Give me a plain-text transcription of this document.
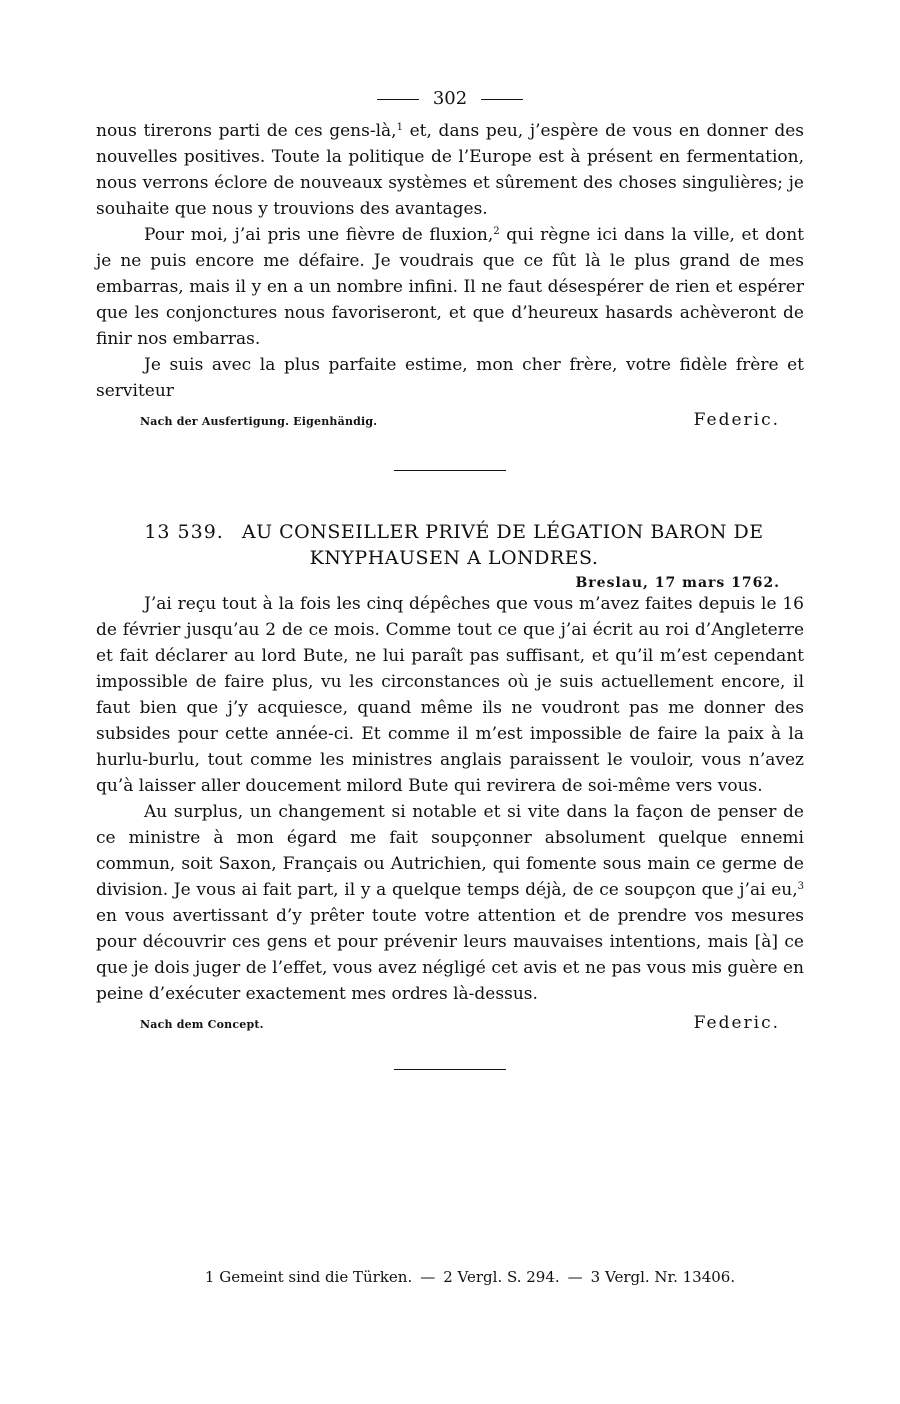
302

nous tirerons parti de ces gens-là,$^1$ et, dans peu, j’espère de vous en donner des nouvelles positives. Toute la politique de l’Europe est à présent en fermentation, nous verrons éclore de nouveaux systèmes et sûrement des choses singulières; je souhaite que nous y trouvions des avantages.

Pour moi, j’ai pris une fièvre de fluxion,$^2$ qui règne ici dans la ville, et dont je ne puis encore me défaire. Je voudrais que ce fût là le plus grand de mes embarras, mais il y en a un nombre infini. Il ne faut désespérer de rien et espérer que les conjonctures nous favoriseront, et que d’heureux hasards achèveront de finir nos embarras.

Je suis avec la plus parfaite estime, mon cher frère, votre fidèle frère et serviteur

Nach der Ausfertigung. Eigenhändig.	Federic.
13 539. AU CONSEILLER PRIVÉ DE LÉGATION BARON DE KNYPHAUSEN A LONDRES.
Breslau, 17 mars 1762.

J’ai reçu tout à la fois les cinq dépêches que vous m’avez faites depuis le 16 de février jusqu’au 2 de ce mois. Comme tout ce que j’ai écrit au roi d’Angleterre et fait déclarer au lord Bute, ne lui paraît pas suffisant, et qu’il m’est cependant impossible de faire plus, vu les circonstances où je suis actuellement encore, il faut bien que j’y acquiesce, quand même ils ne voudront pas me donner des subsides pour cette année-ci. Et comme il m’est impossible de faire la paix à la hurlu-burlu, tout comme les ministres anglais paraissent le vouloir, vous n’avez qu’à laisser aller doucement milord Bute qui revirera de soi-même vers vous.

Au surplus, un changement si notable et si vite dans la façon de penser de ce ministre à mon égard me fait soupçonner absolument quelque ennemi commun, soit Saxon, Français ou Autrichien, qui fomente sous main ce germe de division. Je vous ai fait part, il y a quelque temps déjà, de ce soupçon que j’ai eu,$^3$ en vous avertissant d’y prêter toute votre attention et de prendre vos mesures pour découvrir ces gens et pour prévenir leurs mauvaises intentions, mais [à] ce que je dois juger de l’effet, vous avez négligé cet avis et ne pas vous mis guère en peine d’exécuter exactement mes ordres là-dessus.

Nach dem Concept.	Federic.
1 Gemeint sind die Türken. — 2 Vergl. S. 294. — 3 Vergl. Nr. 13406.
